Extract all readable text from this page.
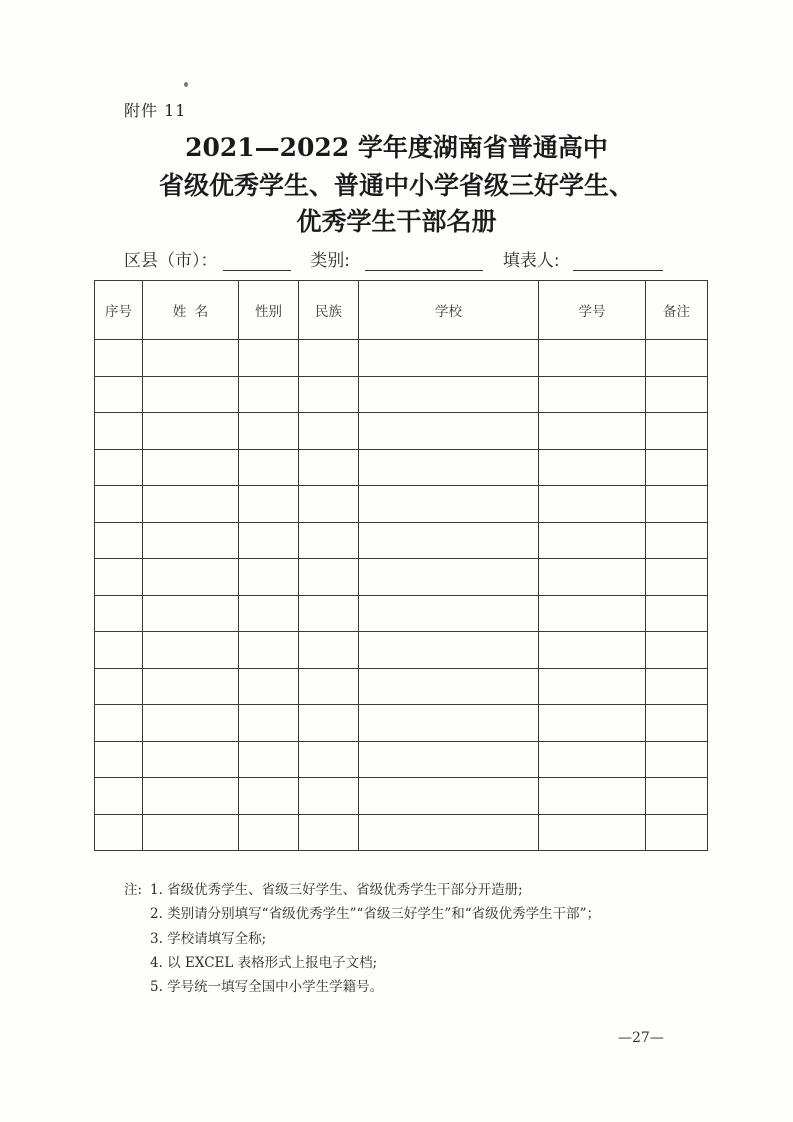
附件 11
2021—2022 学年度湖南省普通高中
省级优秀学生、普通中小学省级三好学生、
优秀学生干部名册
区县（市）：	类别:	填表人:
序号	姓  名	性别	民族	学校	学号	备注

注: 1. 省级优秀学生、省级三好学生、省级优秀学生干部分开造册;
2. 类别请分别填写“省级优秀学生”“省级三好学生”和“省级优秀学生干部”；
3. 学校请填写全称;
4. 以 EXCEL 表格形式上报电子文档;
5. 学号统一填写全国中小学生学籍号。
—27—
